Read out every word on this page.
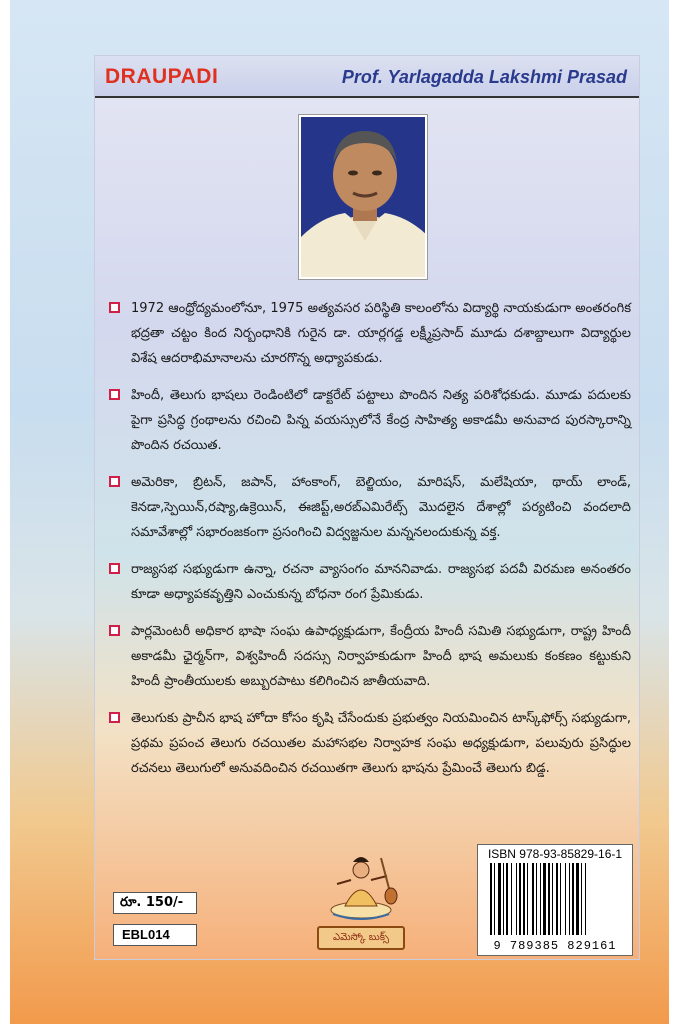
DRAUPADI	Prof. Yarlagadda Lakshmi Prasad
1972 ఆంధ్రోద్యమంలోనూ, 1975 అత్యవసర పరిస్థితి కాలంలోను విద్యార్థి నాయకుడుగా అంతరంగిక భద్రతా చట్టం కింద నిర్బంధానికి గురైన డా. యార్లగడ్డ లక్ష్మీప్రసాద్ మూడు దశాబ్దాలుగా విద్యార్థుల విశేష ఆదరాభిమానాలను చూరగొన్న అధ్యాపకుడు.
హిందీ, తెలుగు భాషలు రెండింటిలో డాక్టరేట్ పట్టాలు పొందిన నిత్య పరిశోధకుడు. మూడు పదులకు పైగా ప్రసిద్ధ గ్రంథాలను రచించి పిన్న వయస్సులోనే కేంద్ర సాహిత్య అకాడమీ అనువాద పురస్కారాన్ని పొందిన రచయిత.
అమెరికా, బ్రిటన్, జపాన్, హాంకాంగ్, బెల్జియం, మారిషస్, మలేషియా, థాయ్ లాండ్, కెనడా,స్పెయిన్,రష్యా,ఉక్రెయిన్, ఈజిప్ట్,అరబ్ఎమిరేట్స్ మొదలైన దేశాల్లో పర్యటించి వందలాది సమావేశాల్లో సభారంజకంగా ప్రసంగించి విద్వజ్జనుల మన్ననలందుకున్న వక్త.
రాజ్యసభ సభ్యుడుగా ఉన్నా, రచనా వ్యాసంగం మాననివాడు. రాజ్యసభ పదవీ విరమణ అనంతరం కూడా అధ్యాపకవృత్తిని ఎంచుకున్న బోధనా రంగ ప్రేమికుడు.
పార్లమెంటరీ అధికార భాషా సంఘ ఉపాధ్యక్షుడుగా, కేంద్రీయ హిందీ సమితి సభ్యుడుగా, రాష్ట్ర హిందీ అకాడమీ ఛైర్మన్‌గా, విశ్వహిందీ సదస్సు నిర్వాహకుడుగా హిందీ భాష అమలుకు కంకణం కట్టుకుని హిందీ ప్రాంతీయులకు అబ్బురపాటు కలిగించిన జాతీయవాది.
తెలుగుకు ప్రాచీన భాష హోదా కోసం కృషి చేసేందుకు ప్రభుత్వం నియమించిన టాస్క్‌ఫోర్స్ సభ్యుడుగా, ప్రథమ ప్రపంచ తెలుగు రచయితల మహాసభల నిర్వాహక సంఘ అధ్యక్షుడుగా, పలువురు ప్రసిద్ధుల రచనలు తెలుగులో అనువదించిన రచయితగా తెలుగు భాషను ప్రేమించే తెలుగు బిడ్డ.
రూ. 150/-
EBL014	ఎమెస్కో బుక్స్
ISBN 978-93-85829-16-1
9 789385 829161
